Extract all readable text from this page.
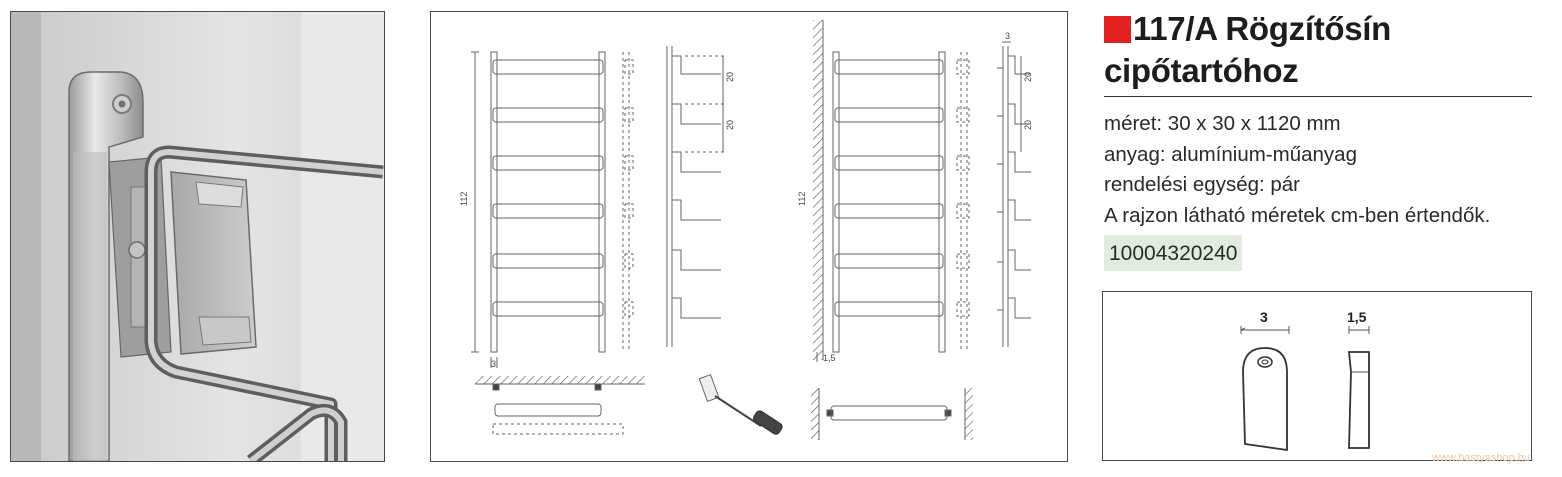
112
3
20
20
112
1,5
3
20
20
117/A Rögzítősín
cipőtartóhoz
méret: 30 x 30 x 1120 mm
anyag: alumínium-műanyag
rendelési egység: pár
A rajzon látható méretek cm-ben értendők.
10004320240
3	1,5
www.bastyashop.hu
